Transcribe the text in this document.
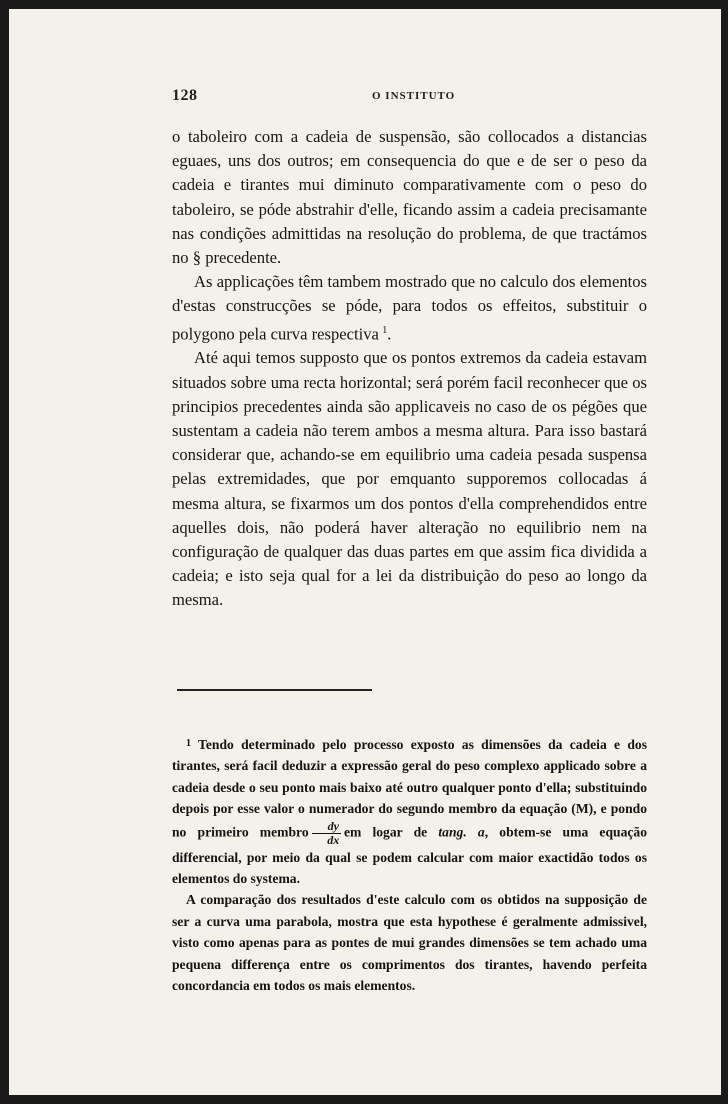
128	O INSTITUTO

o taboleiro com a cadeia de suspensão, são collocados a distancias eguaes, uns dos outros; em consequencia do que e de ser o peso da cadeia e tirantes mui diminuto comparativamente com o peso do taboleiro, se póde abstrahir d'elle, ficando assim a cadeia precisamante nas condições admittidas na resolução do problema, de que tractámos no § precedente.

As applicações têm tambem mostrado que no calculo dos elementos d'estas construcções se póde, para todos os effeitos, substituir o polygono pela curva respectiva  $^1$.

Até aqui temos supposto que os pontos extremos da cadeia estavam situados sobre uma recta horizontal; será porém facil reconhecer que os principios precedentes ainda são applicaveis no caso de os pégões que sustentam a cadeia não terem ambos a mesma altura. Para isso bastará considerar que, achando-se em equilibrio uma cadeia pesada suspensa pelas extremidades, que por emquanto supporemos collocadas á mesma altura, se fixarmos um dos pontos d'ella comprehendidos entre aquelles dois, não poderá haver alteração no equilibrio nem na configuração de qualquer das duas partes em que assim fica dividida a cadeia; e isto seja qual for a lei da distribuição do peso ao longo da mesma.

$^1$ Tendo determinado pelo processo exposto as dimensões da cadeia e dos tirantes, será facil deduzir a expressão geral do peso complexo applicado sobre a cadeia desde o seu ponto mais baixo até outro qualquer ponto d'ella; substituindo depois por esse valor o numerador do segundo membro da equação (M), e pondo no primeiro membro $\frac{dy}{dx}$ em logar de tang. a, obtem-se uma equação differencial, por meio da qual se podem calcular com maior exactidão todos os elementos do systema.

A comparação dos resultados d'este calculo com os obtidos na supposição de ser a curva uma parabola, mostra que esta hypothese é geralmente admissivel, visto como apenas para as pontes de mui grandes dimensões se tem achado uma pequena differença entre os comprimentos dos tirantes, havendo perfeita concordancia em todos os mais elementos.
